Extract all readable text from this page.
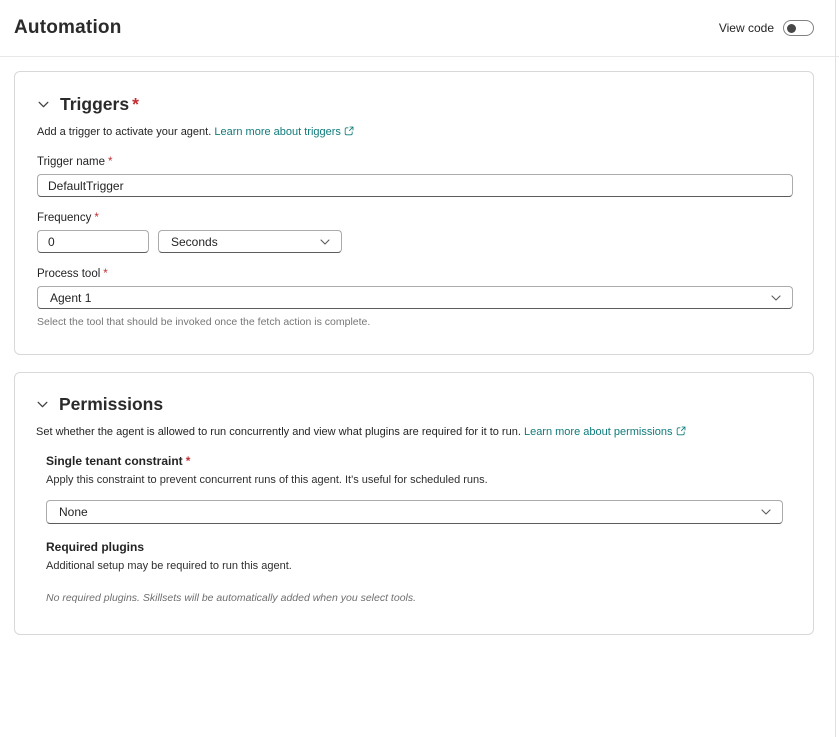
Automation	View code
Triggers *
Add a trigger to activate your agent. Learn more about triggers
Trigger name *
DefaultTrigger
Frequency *
0
Seconds
Process tool *
Agent 1
Select the tool that should be invoked once the fetch action is complete.
Permissions
Set whether the agent is allowed to run concurrently and view what plugins are required for it to run. Learn more about permissions
Single tenant constraint *
Apply this constraint to prevent concurrent runs of this agent. It's useful for scheduled runs.
None
Required plugins
Additional setup may be required to run this agent.
No required plugins. Skillsets will be automatically added when you select tools.
